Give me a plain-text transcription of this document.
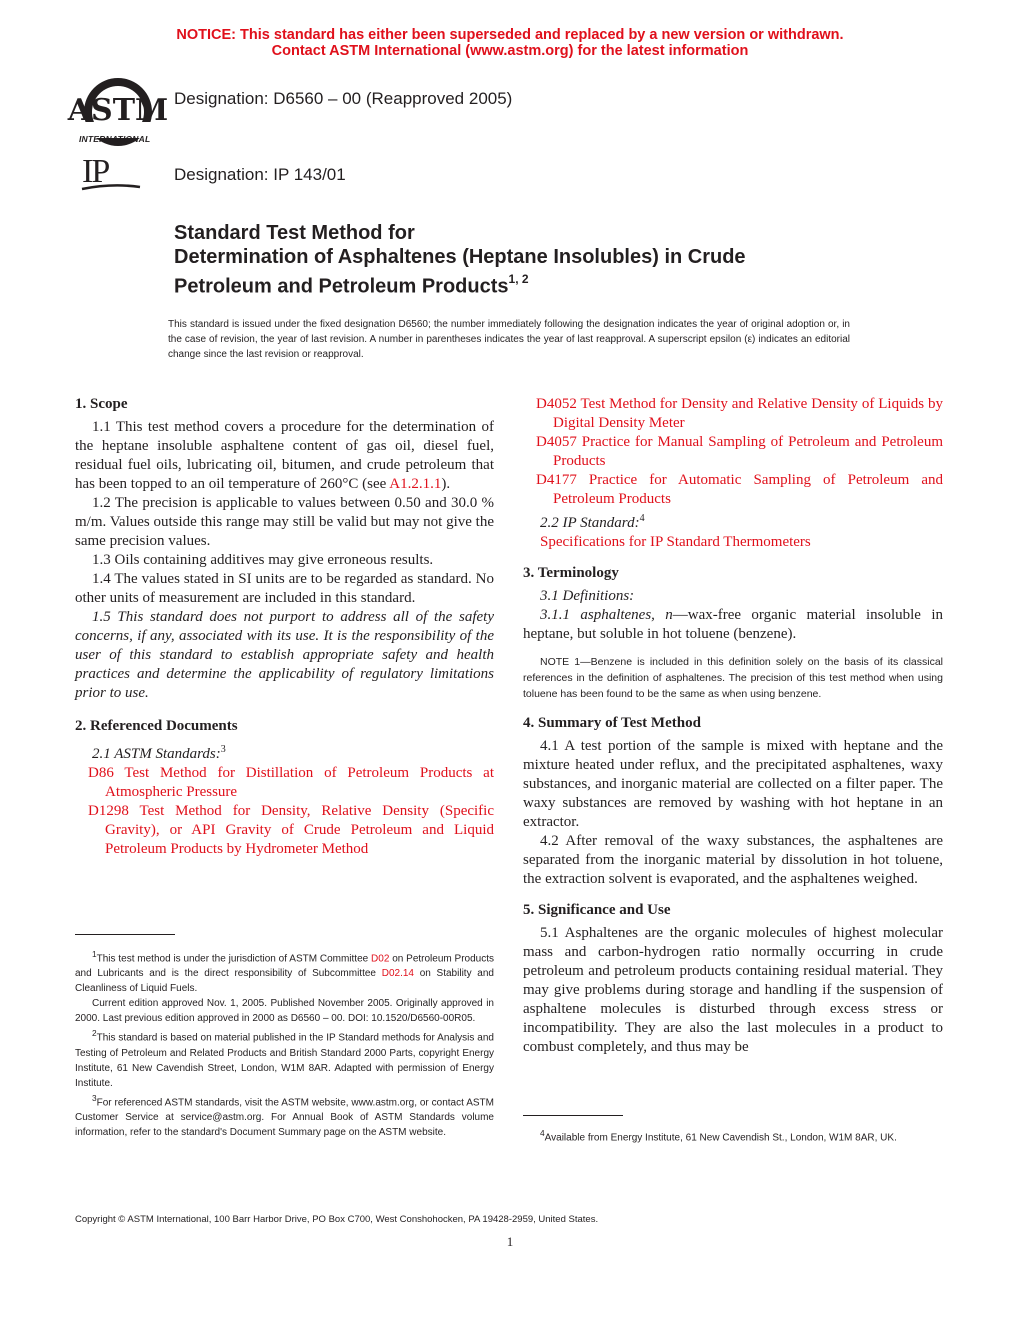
NOTICE: This standard has either been superseded and replaced by a new version or withdrawn.
Contact ASTM International (www.astm.org) for the latest information
ASTM
INTERNATIONAL
Designation: D6560 – 00 (Reapproved 2005)
IP	Designation: IP 143/01
Standard Test Method for
Determination of Asphaltenes (Heptane Insolubles) in Crude
Petroleum and Petroleum Products$^{1, 2}$
This standard is issued under the fixed designation D6560; the number immediately following the designation indicates the year of original adoption or, in the case of revision, the year of last revision. A number in parentheses indicates the year of last reapproval. A superscript epsilon (ε) indicates an editorial change since the last revision or reapproval.

1. Scope

1.1 This test method covers a procedure for the determination of the heptane insoluble asphaltene content of gas oil, diesel fuel, residual fuel oils, lubricating oil, bitumen, and crude petroleum that has been topped to an oil temperature of 260°C (see A1.2.1.1).

1.2 The precision is applicable to values between 0.50 and 30.0 % m/m. Values outside this range may still be valid but may not give the same precision values.

1.3 Oils containing additives may give erroneous results.

1.4 The values stated in SI units are to be regarded as standard. No other units of measurement are included in this standard.

1.5 This standard does not purport to address all of the safety concerns, if any, associated with its use. It is the responsibility of the user of this standard to establish appropriate safety and health practices and determine the applicability of regulatory limitations prior to use.

2. Referenced Documents

2.1 ASTM Standards:$^3$

D86 Test Method for Distillation of Petroleum Products at Atmospheric Pressure

D1298 Test Method for Density, Relative Density (Specific Gravity), or API Gravity of Crude Petroleum and Liquid Petroleum Products by Hydrometer Method

$^1$This test method is under the jurisdiction of ASTM Committee D02 on Petroleum Products and Lubricants and is the direct responsibility of Subcommittee D02.14 on Stability and Cleanliness of Liquid Fuels.

Current edition approved Nov. 1, 2005. Published November 2005. Originally approved in 2000. Last previous edition approved in 2000 as D6560 – 00. DOI: 10.1520/D6560-00R05.

$^2$This standard is based on material published in the IP Standard methods for Analysis and Testing of Petroleum and Related Products and British Standard 2000 Parts, copyright Energy Institute, 61 New Cavendish Street, London, W1M 8AR. Adapted with permission of Energy Institute.

$^3$For referenced ASTM standards, visit the ASTM website, www.astm.org, or contact ASTM Customer Service at service@astm.org. For Annual Book of ASTM Standards volume information, refer to the standard's Document Summary page on the ASTM website.

D4052 Test Method for Density and Relative Density of Liquids by Digital Density Meter

D4057 Practice for Manual Sampling of Petroleum and Petroleum Products

D4177 Practice for Automatic Sampling of Petroleum and Petroleum Products

2.2 IP Standard:$^4$

Specifications for IP Standard Thermometers

3. Terminology

3.1 Definitions:

3.1.1 asphaltenes, n—wax-free organic material insoluble in heptane, but soluble in hot toluene (benzene).

NOTE 1—Benzene is included in this definition solely on the basis of its classical references in the definition of asphaltenes. The precision of this test method when using toluene has been found to be the same as when using benzene.

4. Summary of Test Method

4.1 A test portion of the sample is mixed with heptane and the mixture heated under reflux, and the precipitated asphaltenes, waxy substances, and inorganic material are collected on a filter paper. The waxy substances are removed by washing with hot heptane in an extractor.

4.2 After removal of the waxy substances, the asphaltenes are separated from the inorganic material by dissolution in hot toluene, the extraction solvent is evaporated, and the asphaltenes weighed.

5. Significance and Use

5.1 Asphaltenes are the organic molecules of highest molecular mass and carbon-hydrogen ratio normally occurring in crude petroleum and petroleum products containing residual material. They may give problems during storage and handling if the suspension of asphaltene molecules is disturbed through excess stress or incompatibility. They are also the last molecules in a product to combust completely, and thus may be

$^4$Available from Energy Institute, 61 New Cavendish St., London, W1M 8AR, UK.

Copyright © ASTM International, 100 Barr Harbor Drive, PO Box C700, West Conshohocken, PA 19428-2959, United States.
1
